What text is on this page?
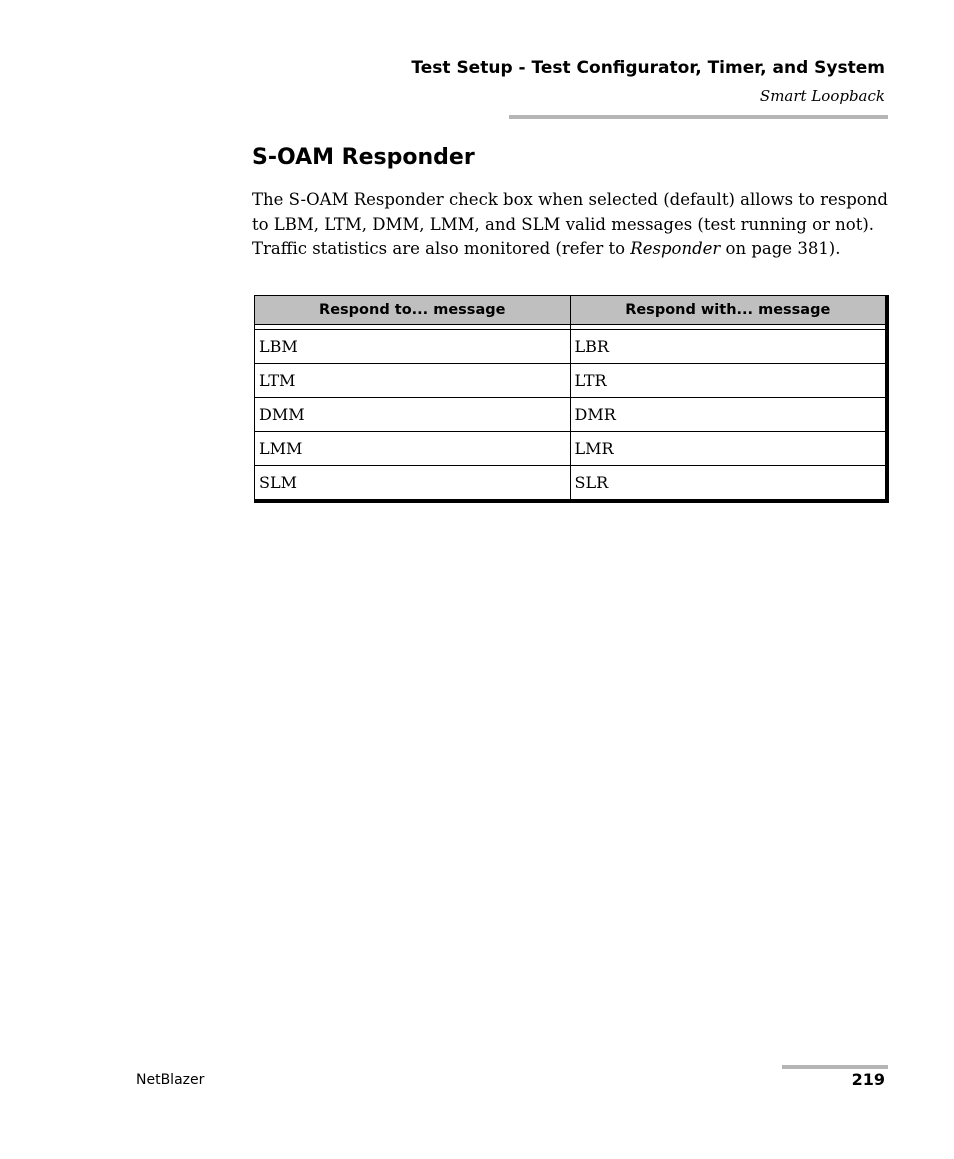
Test Setup - Test Configurator, Timer, and System
Smart Loopback
S-OAM Responder

The S-OAM Responder check box when selected (default) allows to respond to LBM, LTM, DMM, LMM, and SLM valid messages (test running or not). Traffic statistics are also monitored (refer to Responder on page 381).

Respond to... message	Respond with... message

LBM	LBR
LTM	LTR
DMM	DMR
LMM	LMR
SLM	SLR
NetBlazer	219
